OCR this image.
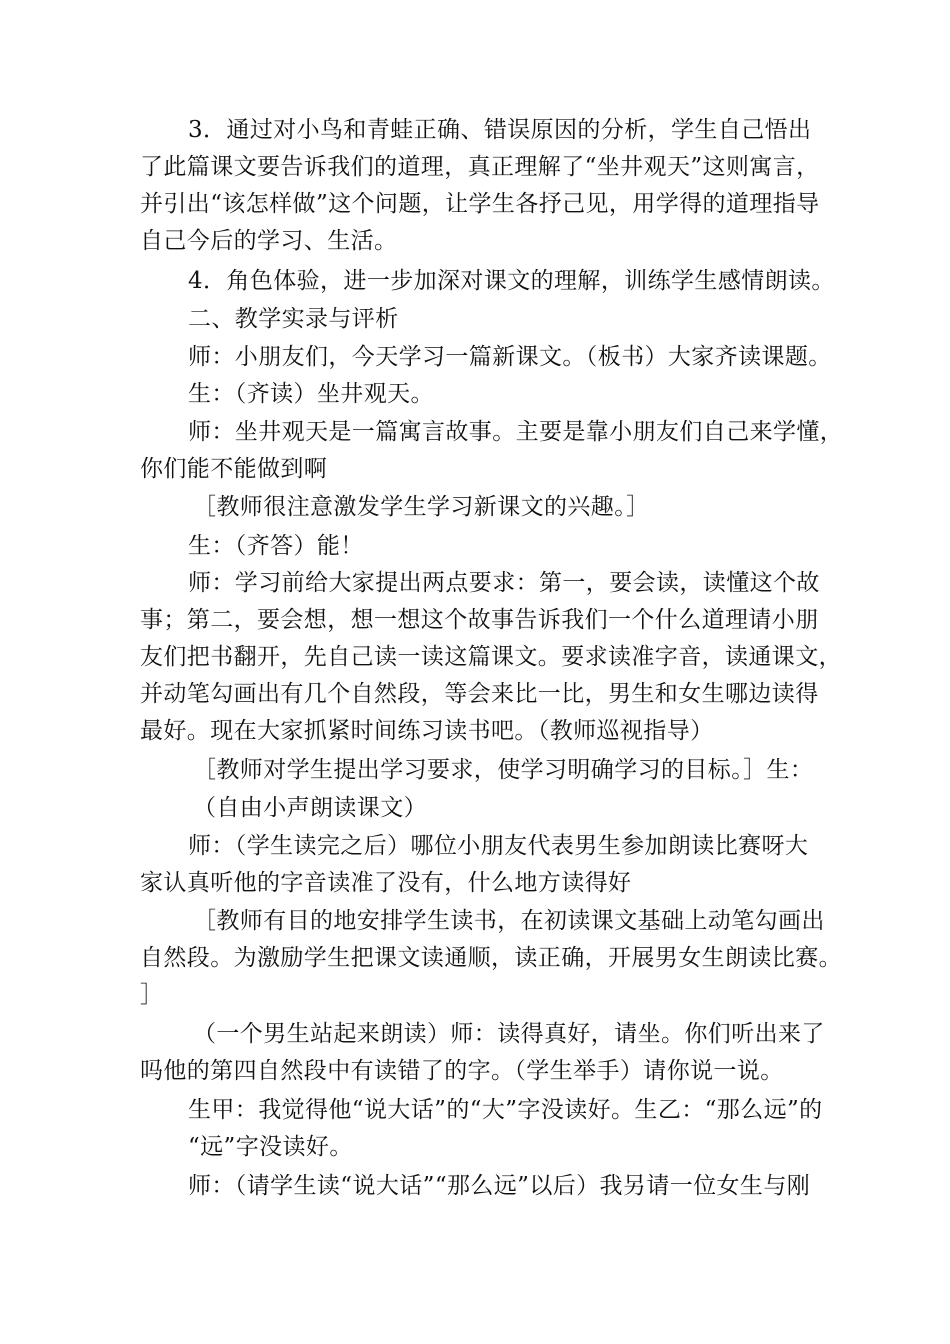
3．通过对小鸟和青蛙正确、错误原因的分析，学生自己悟出
了此篇课文要告诉我们的道理，真正理解了“坐井观天”这则寓言，
并引出“该怎样做”这个问题，让学生各抒己见，用学得的道理指导
自己今后的学习、生活。
4．角色体验，进一步加深对课文的理解，训练学生感情朗读。
二、教学实录与评析
师：小朋友们，今天学习一篇新课文。（板书）大家齐读课题。
生：（齐读）坐井观天。
师：坐井观天是一篇寓言故事。主要是靠小朋友们自己来学懂，
你们能不能做到啊
［教师很注意激发学生学习新课文的兴趣。］
生：（齐答）能！
师：学习前给大家提出两点要求：第一，要会读，读懂这个故
事；第二，要会想，想一想这个故事告诉我们一个什么道理请小朋
友们把书翻开，先自己读一读这篇课文。要求读准字音，读通课文，
并动笔勾画出有几个自然段，等会来比一比，男生和女生哪边读得
最好。现在大家抓紧时间练习读书吧。（教师巡视指导）
［教师对学生提出学习要求，使学习明确学习的目标。］生：
（自由小声朗读课文）
师：（学生读完之后）哪位小朋友代表男生参加朗读比赛呀大
家认真听他的字音读准了没有，什么地方读得好
［教师有目的地安排学生读书，在初读课文基础上动笔勾画出
自然段。为激励学生把课文读通顺，读正确，开展男女生朗读比赛。
］
（一个男生站起来朗读）师：读得真好，请坐。你们听出来了
吗他的第四自然段中有读错了的字。（学生举手）请你说一说。
生甲：我觉得他“说大话”的“大”字没读好。生乙：“那么远”的
“远”字没读好。
师：（请学生读“说大话”“那么远”以后）我另请一位女生与刚
